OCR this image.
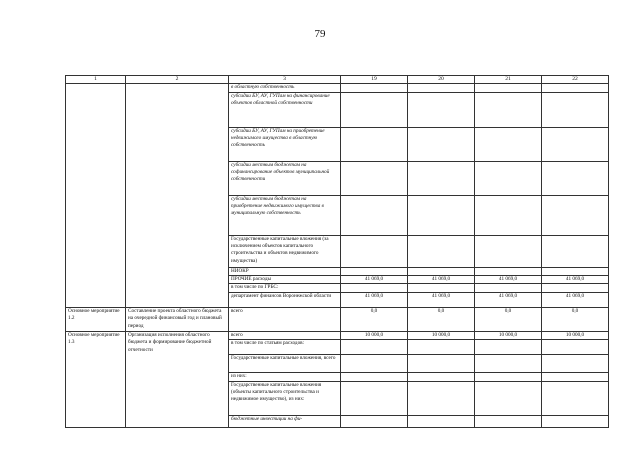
79
1	2	3	19	20	21	22
		в областную собственность				
		субсидии БУ, АУ, ГУПам на финансирование объектов областной собственности				
		субсидии БУ, АУ, ГУПам на приобретение недвижимого имущества в областную собственность				
		субсидии местным бюджетам на софинансирование объектов муниципальной собственности				
		субсидии местным бюджетам на приобретение недвижимого имущества в муниципальную собственность				
		Государственные капитальные вложения (за исключением объектов капитального строительства и объектов недвижимого имущества)				
		НИОКР				
		ПРОЧИЕ расходы	41 069,0	41 069,0	41 069,0	41 069,0
		в том числе по ГРБС:				
		департамент финансов Воронежской области	41 069,0	41 069,0	41 069,0	41 069,0
Основное мероприятие 1.2	Составление проекта областного бюджета на очередной финансовый год и плановый период	всего	0,0	0,0	0,0	0,0
Основное мероприятие 1.3	Организация исполнения областного бюджета и формирование бюджетной отчетности	всего	10 000,0	10 000,0	10 000,0	10 000,0
		в том числе по статьям расходов:				
		Государственные капитальные вложения, всего				
		из них:				
		Государственные капитальные вложения (объекты капитального строительства и недвижимое имущество), из них:				
		бюджетные инвестиции на фи-				
